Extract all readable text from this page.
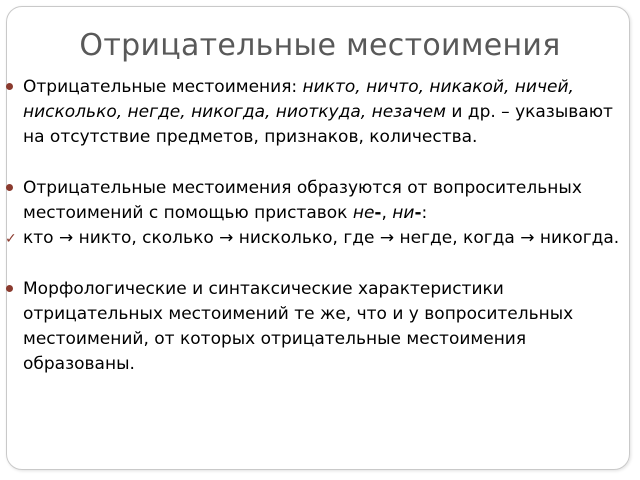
Отрицательные местоимения

Отрицательные местоимения: никто, ничто, никакой, ничей, нисколько, негде, никогда, ниоткуда, незачем и др. – указывают на отсутствие предметов, признаков, количества.

Отрицательные местоимения образуются от вопросительных местоимений с помощью приставок не-, ни-:

✓ кто → никто, сколько → нисколько, где → негде, когда → никогда.

Морфологические и синтаксические характеристики отрицательных местоимений те же, что и у вопросительных местоимений, от которых отрицательные местоимения образованы.
